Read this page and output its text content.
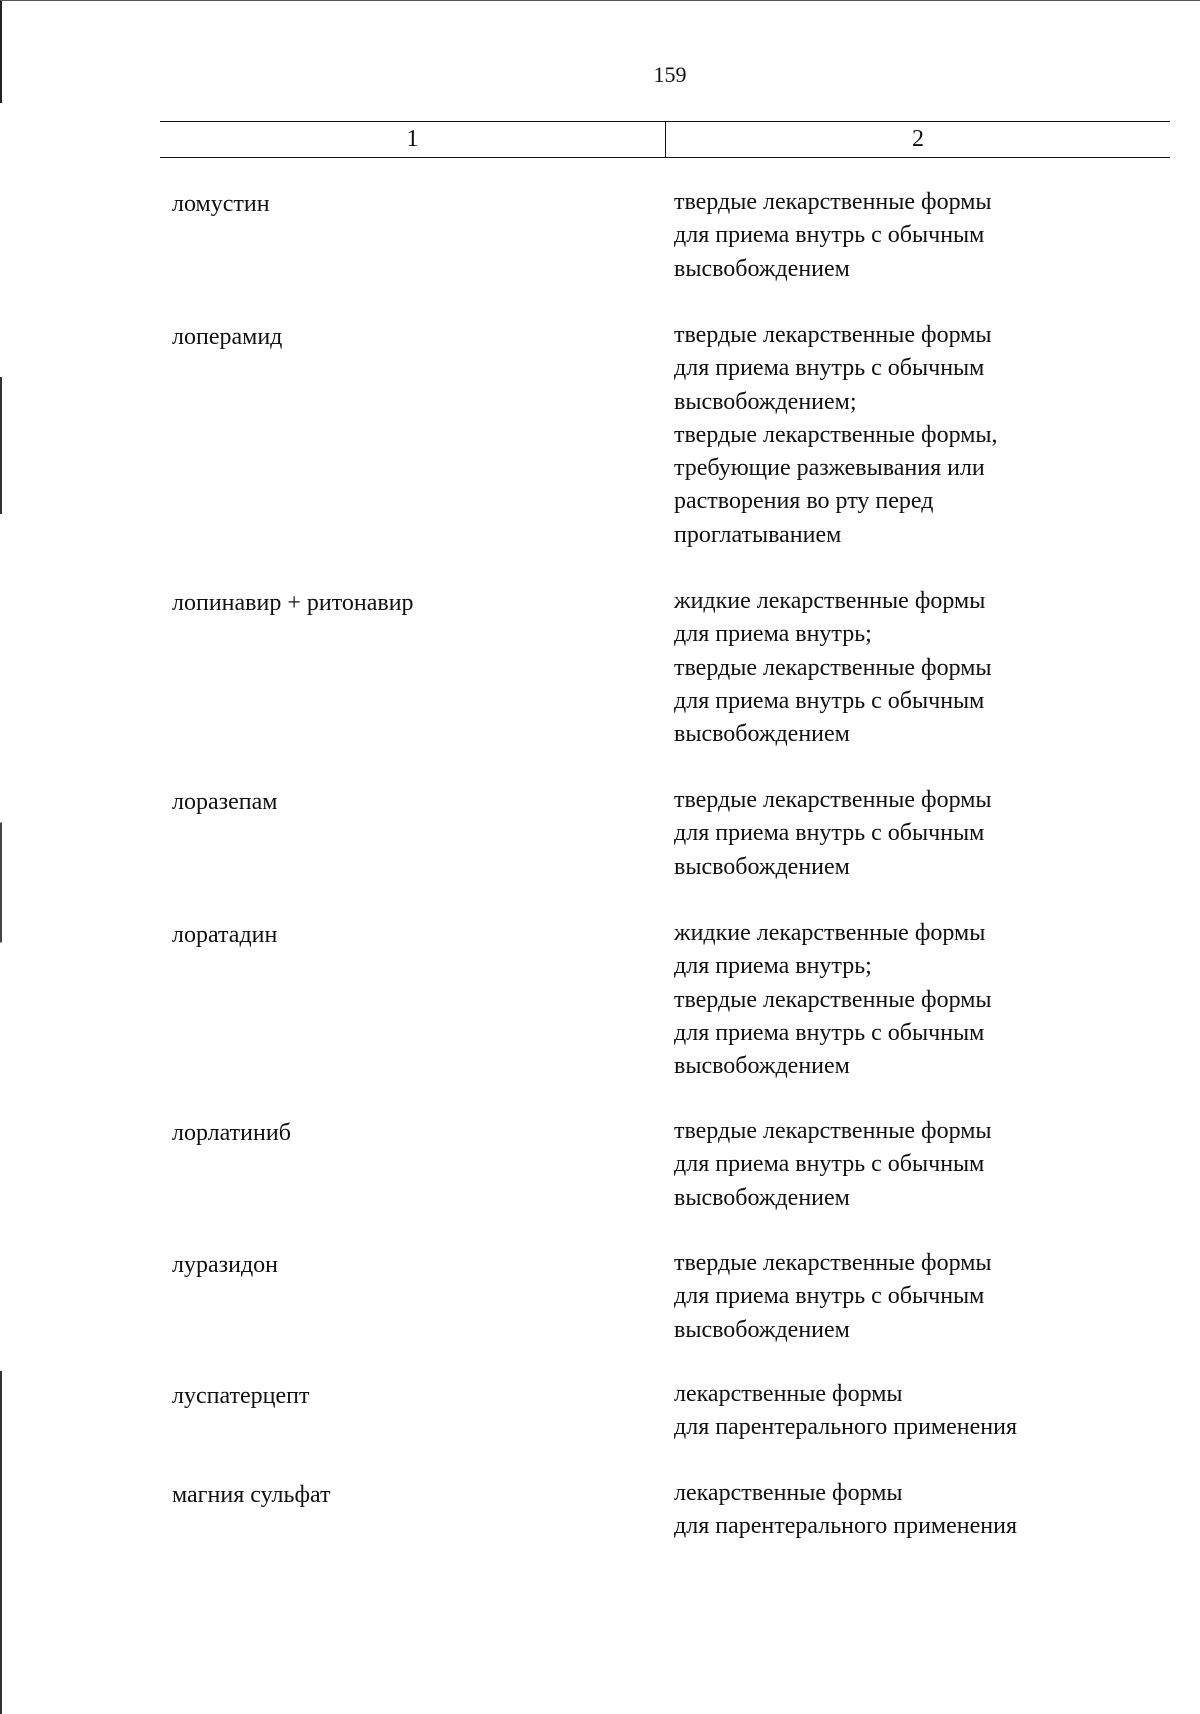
159
1	2
ломустин	твердые лекарственные формы
для приема внутрь с обычным
высвобождением
лоперамид	твердые лекарственные формы
для приема внутрь с обычным
высвобождением;
твердые лекарственные формы,
требующие разжевывания или
растворения во рту перед
проглатыванием
лопинавир + ритонавир	жидкие лекарственные формы
для приема внутрь;
твердые лекарственные формы
для приема внутрь с обычным
высвобождением
лоразепам	твердые лекарственные формы
для приема внутрь с обычным
высвобождением
лоратадин	жидкие лекарственные формы
для приема внутрь;
твердые лекарственные формы
для приема внутрь с обычным
высвобождением
лорлатиниб	твердые лекарственные формы
для приема внутрь с обычным
высвобождением
луразидон	твердые лекарственные формы
для приема внутрь с обычным
высвобождением
луспатерцепт	лекарственные формы
для парентерального применения
магния сульфат	лекарственные формы
для парентерального применения
